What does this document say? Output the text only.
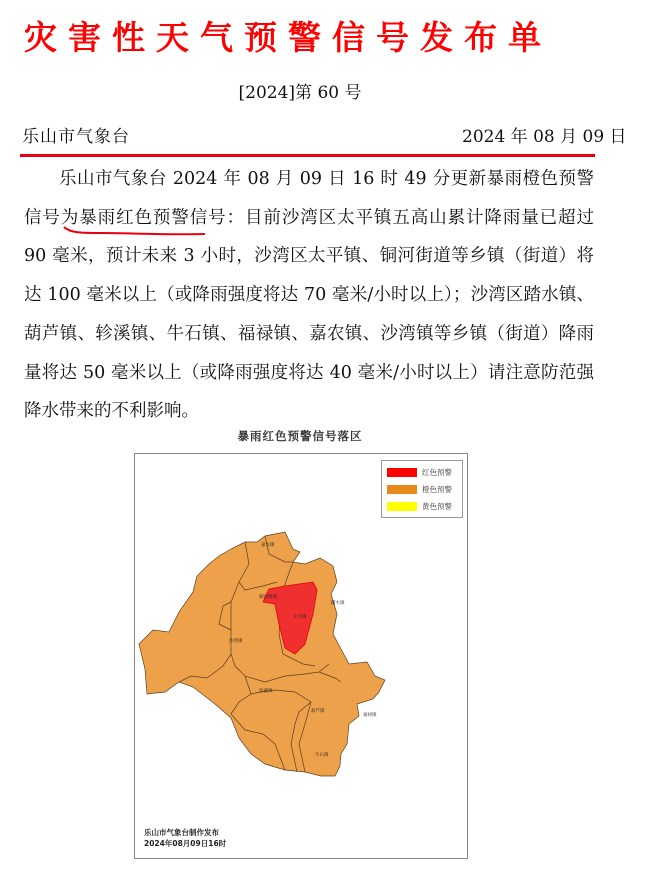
灾害性天气预警信号发布单
[2024]第 60 号
乐山市气象台	2024 年 08 月 09 日
乐山市气象台 2024 年 08 月 09 日 16 时 49 分更新暴雨橙色预警信号为暴雨红色预警信号：目前沙湾区太平镇五高山累计降雨量已超过 90 毫米，预计未来 3 小时，沙湾区太平镇、铜河街道等乡镇（街道）将达 100 毫米以上（或降雨强度将达 70 毫米/小时以上）；沙湾区踏水镇、葫芦镇、轸溪镇、牛石镇、福禄镇、嘉农镇、沙湾镇等乡镇（街道）降雨量将达 50 毫米以上（或降雨强度将达 40 毫米/小时以上）请注意防范强降水带来的不利影响。
暴雨红色预警信号落区
嘉农镇
铜河街道
太平镇
踏水镇
沙湾镇
轸溪镇
葫芦镇
福禄镇
牛石镇
红色预警
橙色预警
黄色预警
乐山市气象台制作发布
2024年08月09日16时
